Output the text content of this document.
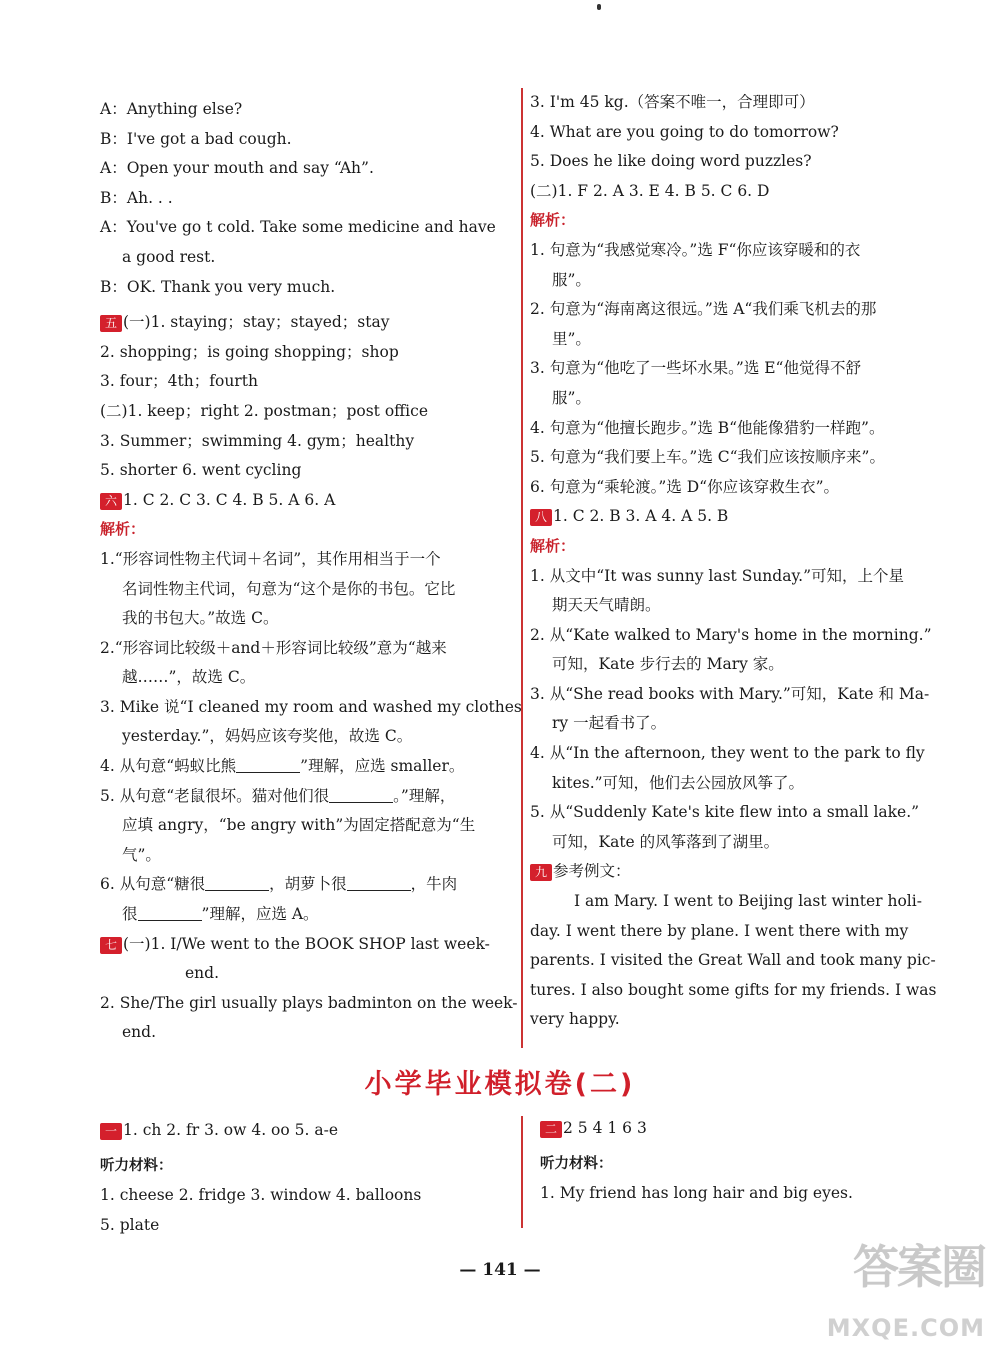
A：Anything else?
B：I've got a bad cough.
A：Open your mouth and say “Ah”.
B：Ah. . .
A：You've go t cold. Take some medicine and have
a good rest.
B：OK. Thank you very much.
五 (一)1. staying；stay；stayed；stay
2. shopping；is going shopping；shop
3. four；4th；fourth
(二)1. keep；right 2. postman；post office
3. Summer；swimming 4. gym；healthy
5. shorter 6. went cycling
六 1. C 2. C 3. C 4. B 5. A 6. A
解析：
1.“形容词性物主代词＋名词”，其作用相当于一个
名词性物主代词，句意为“这个是你的书包。它比
我的书包大。”故选 C。
2.“形容词比较级＋and＋形容词比较级”意为“越来
越……”，故选 C。
3. Mike 说“I cleaned my room and washed my clothes
yesterday.”，妈妈应该夸奖他，故选 C。
4. 从句意“蚂蚁比熊	”理解，应选 smaller。
5. 从句意“老鼠很坏。猫对他们很	。”理解，
应填 angry，“be angry with”为固定搭配意为“生
气”。
6. 从句意“糖很	，胡萝卜很	，牛肉
很	”理解，应选 A。
七 (一)1. I/We went to the BOOK SHOP last week-
end.
2. She/The girl usually plays badminton on the week-
end.
3. I'm 45 kg.（答案不唯一，合理即可）
4. What are you going to do tomorrow?
5. Does he like doing word puzzles?
(二)1. F 2. A 3. E 4. B 5. C 6. D
解析：
1. 句意为“我感觉寒冷。”选 F“你应该穿暖和的衣
服”。
2. 句意为“海南离这很远。”选 A“我们乘飞机去的那
里”。
3. 句意为“他吃了一些坏水果。”选 E“他觉得不舒
服”。
4. 句意为“他擅长跑步。”选 B“他能像猎豹一样跑”。
5. 句意为“我们要上车。”选 C“我们应该按顺序来”。
6. 句意为“乘轮渡。”选 D“你应该穿救生衣”。
八 1. C 2. B 3. A 4. A 5. B
解析：
1. 从文中“It was sunny last Sunday.”可知，上个星
期天天气晴朗。
2. 从“Kate walked to Mary's home in the morning.”
可知，Kate 步行去的 Mary 家。
3. 从“She read books with Mary.”可知，Kate 和 Ma-
ry 一起看书了。
4. 从“In the afternoon, they went to the park to fly
kites.”可知，他们去公园放风筝了。
5. 从“Suddenly Kate's kite flew into a small lake.”
可知，Kate 的风筝落到了湖里。
九 参考例文：
I am Mary. I went to Beijing last winter holi-
day. I went there by plane. I went there with my
parents. I visited the Great Wall and took many pic-
tures. I also bought some gifts for my friends. I was
very happy.
小学毕业模拟卷(二)
一 1. ch 2. fr 3. ow 4. oo 5. a-e
听力材料：
1. cheese 2. fridge 3. window 4. balloons
5. plate
二 2 5 4 1 6 3
听力材料：
1. My friend has long hair and big eyes.
— 141 —	答案圈
MXQE.COM
